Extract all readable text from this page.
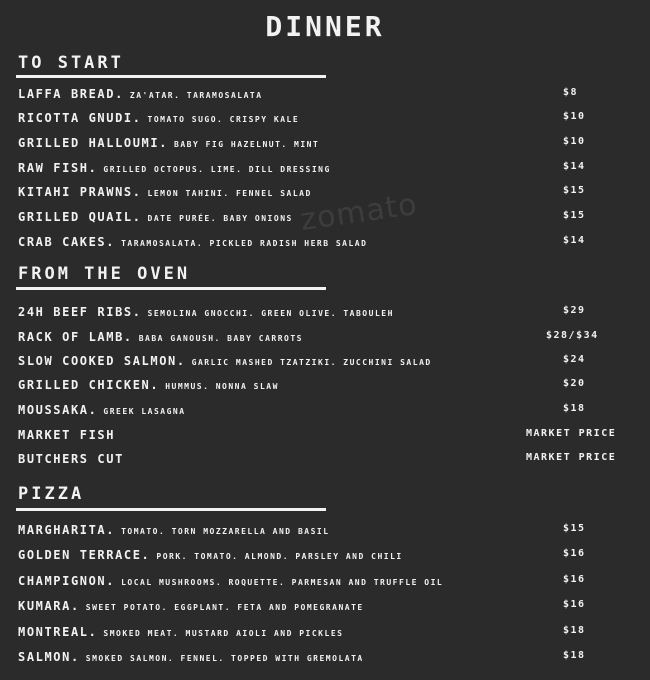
zomato
DINNER
TO START
LAFFA BREAD. ZA'ATAR. TARAMOSALATA	$8
RICOTTA GNUDI. TOMATO SUGO. CRISPY KALE	$10
GRILLED HALLOUMI. BABY FIG HAZELNUT. MINT	$10
RAW FISH. GRILLED OCTOPUS. LIME. DILL DRESSING	$14
KITAHI PRAWNS. LEMON TAHINI. FENNEL SALAD	$15
GRILLED QUAIL. DATE PURÉE. BABY ONIONS	$15
CRAB CAKES. TARAMOSALATA. PICKLED RADISH HERB SALAD	$14
FROM THE OVEN
24H BEEF RIBS. SEMOLINA GNOCCHI. GREEN OLIVE. TABOULEH	$29
RACK OF LAMB. BABA GANOUSH. BABY CARROTS	$28/$34
SLOW COOKED SALMON. GARLIC MASHED TZATZIKI. ZUCCHINI SALAD	$24
GRILLED CHICKEN. HUMMUS. NONNA SLAW	$20
MOUSSAKA. GREEK LASAGNA	$18
MARKET FISH	MARKET PRICE
BUTCHERS CUT	MARKET PRICE
PIZZA
MARGHARITA. TOMATO. TORN MOZZARELLA AND BASIL	$15
GOLDEN TERRACE. PORK. TOMATO. ALMOND. PARSLEY AND CHILI	$16
CHAMPIGNON. LOCAL MUSHROOMS. ROQUETTE. PARMESAN AND TRUFFLE OIL	$16
KUMARA. SWEET POTATO. EGGPLANT. FETA AND POMEGRANATE	$16
MONTREAL. SMOKED MEAT. MUSTARD AIOLI AND PICKLES	$18
SALMON. SMOKED SALMON. FENNEL. TOPPED WITH GREMOLATA	$18
